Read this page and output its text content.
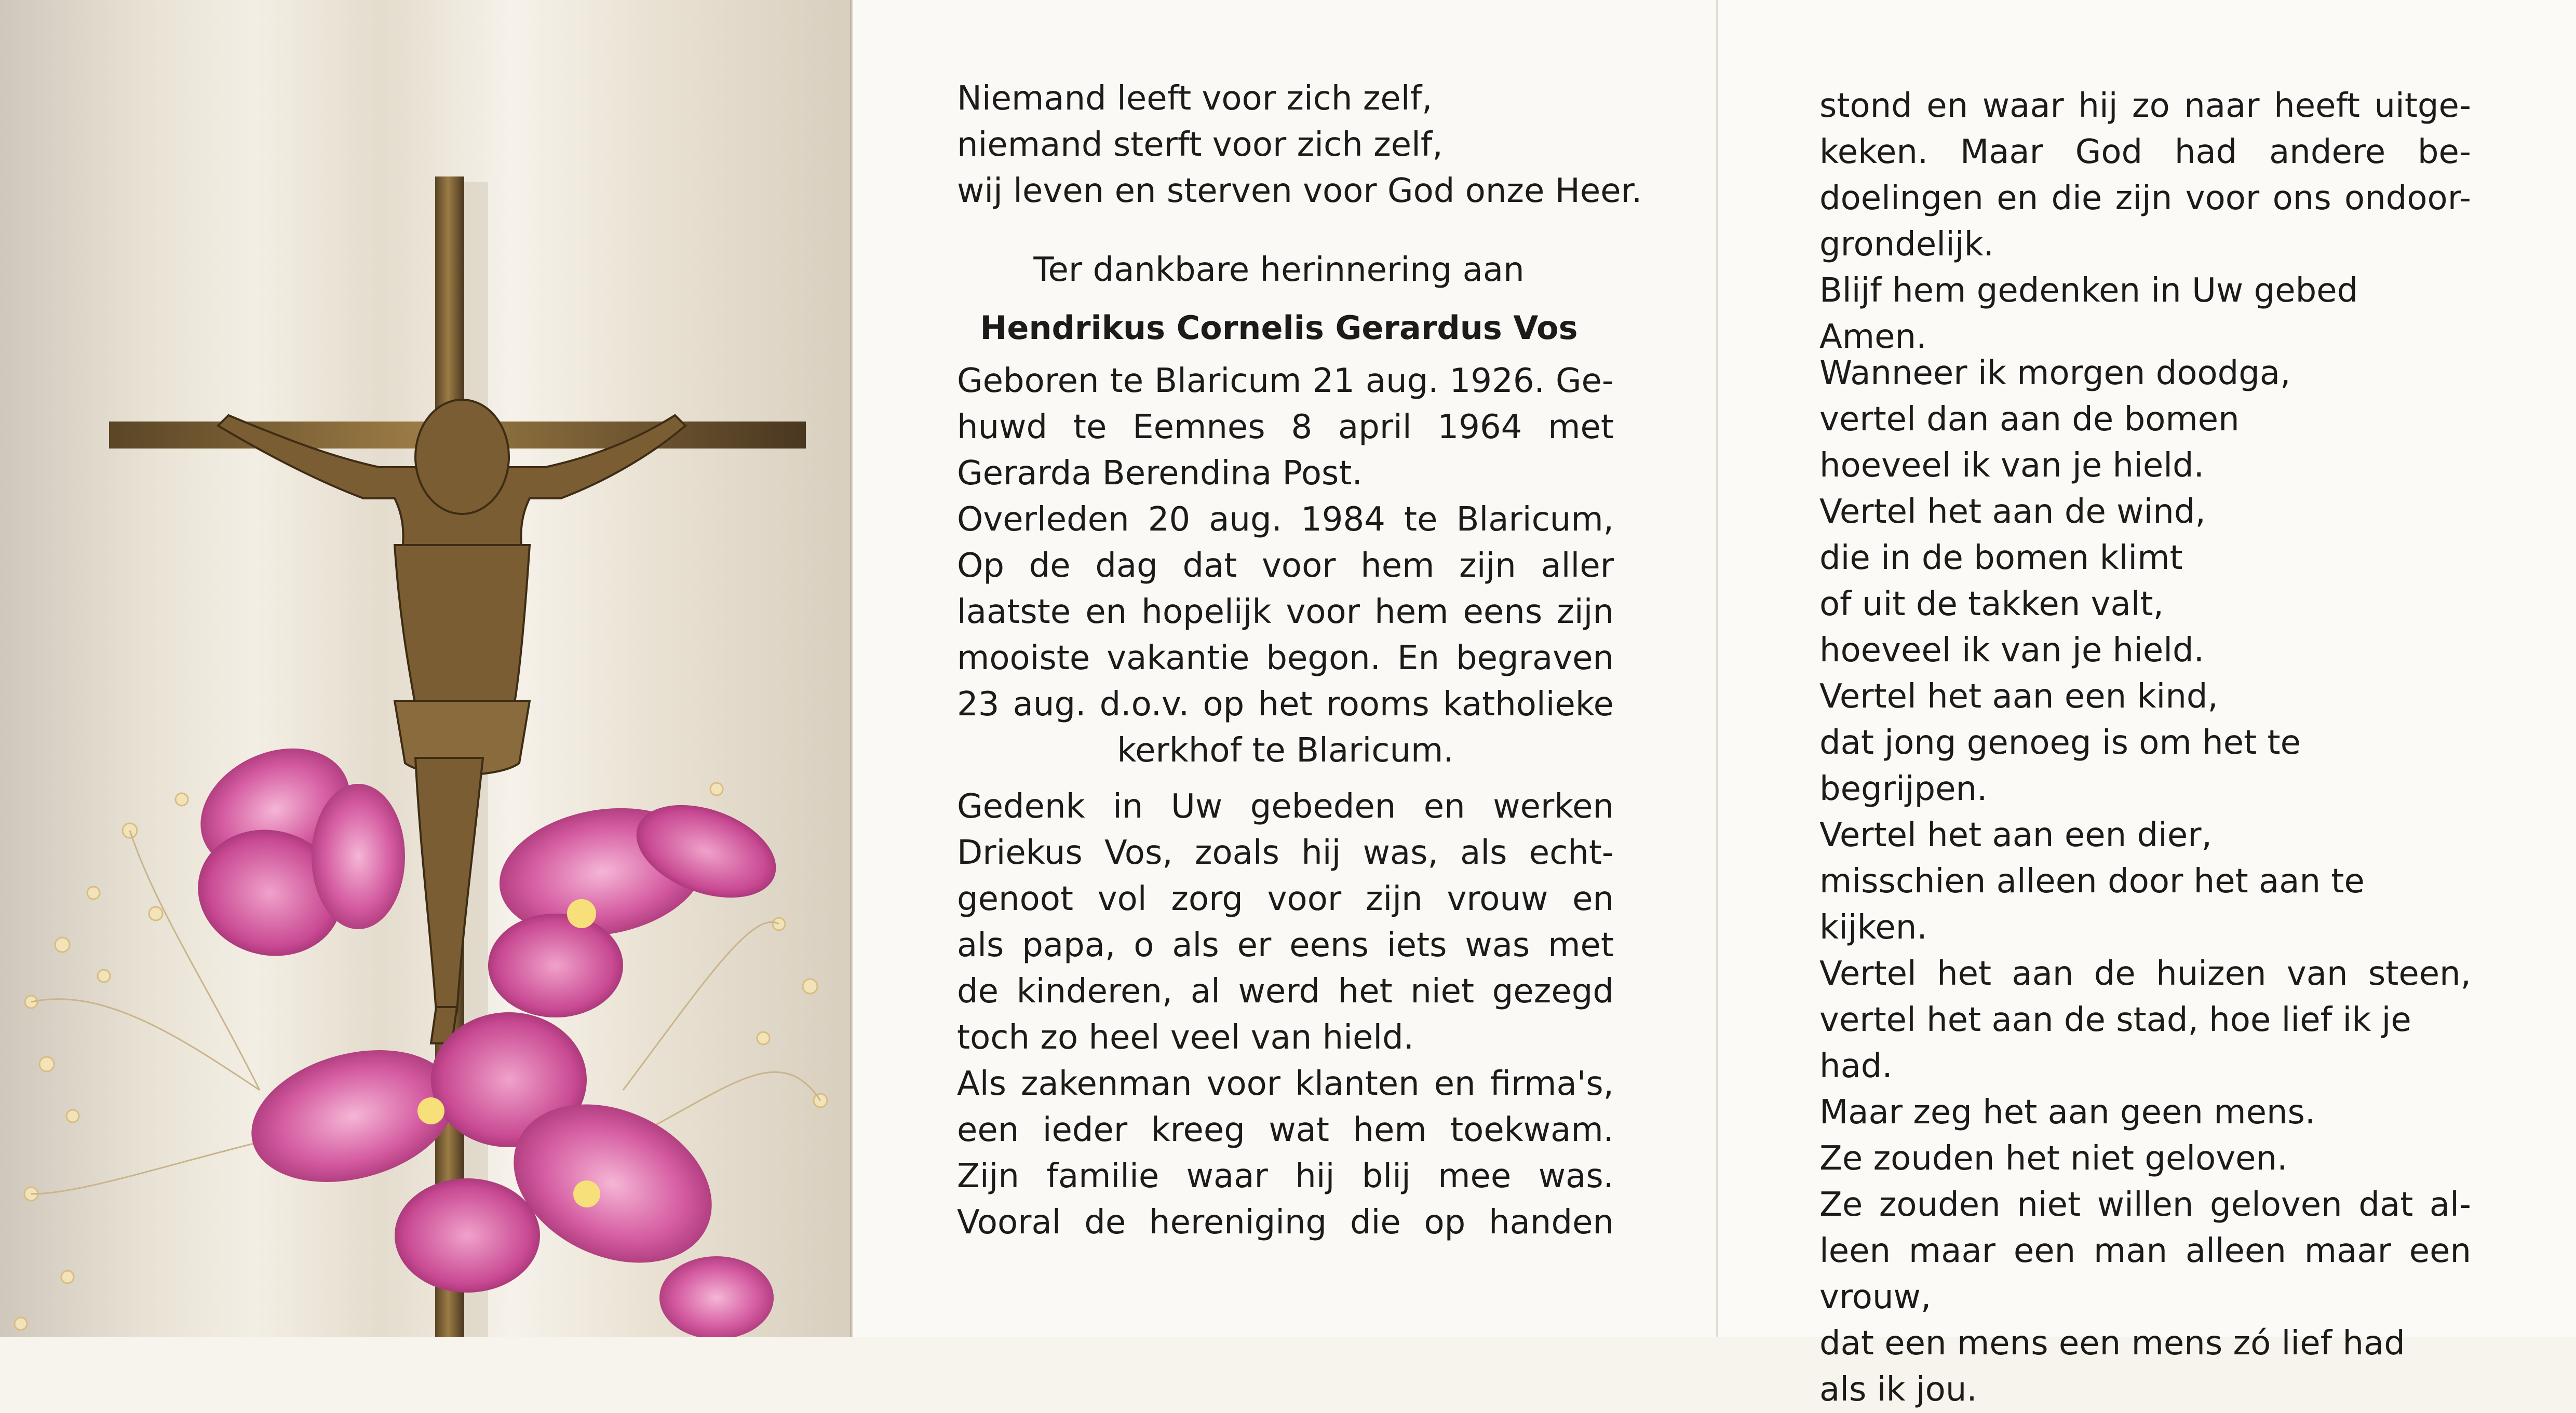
Niemand leeft voor zich zelf,
niemand sterft voor zich zelf,
wij leven en sterven voor God onze Heer.
Ter dankbare herinnering aan
Hendrikus Cornelis Gerardus Vos
Geboren te Blaricum 21 aug. 1926. Ge-
huwd te Eemnes 8 april 1964 met
Gerarda Berendina Post.
Overleden 20 aug. 1984 te Blaricum,
Op de dag dat voor hem zijn aller
laatste en hopelijk voor hem eens zijn
mooiste vakantie begon. En begraven
23 aug. d.o.v. op het rooms katholieke
kerkhof te Blaricum.
Gedenk in Uw gebeden en werken
Driekus Vos, zoals hij was, als echt-
genoot vol zorg voor zijn vrouw en
als papa, o als er eens iets was met
de kinderen, al werd het niet gezegd
toch zo heel veel van hield.
Als zakenman voor klanten en firma's,
een ieder kreeg wat hem toekwam.
Zijn familie waar hij blij mee was.
Vooral de hereniging die op handen
stond en waar hij zo naar heeft uitge-
keken. Maar God had andere be-
doelingen en die zijn voor ons ondoor-
grondelijk.
Blijf hem gedenken in Uw gebed Amen.
Wanneer ik morgen doodga,
vertel dan aan de bomen
hoeveel ik van je hield.
Vertel het aan de wind,
die in de bomen klimt
of uit de takken valt,
hoeveel ik van je hield.
Vertel het aan een kind,
dat jong genoeg is om het te begrijpen.
Vertel het aan een dier,
misschien alleen door het aan te kijken.
Vertel het aan de huizen van steen,
vertel het aan de stad, hoe lief ik je had.
Maar zeg het aan geen mens.
Ze zouden het niet geloven.
Ze zouden niet willen geloven dat al-
leen maar een man alleen maar een
vrouw,
dat een mens een mens zó lief had
als ik jou.
